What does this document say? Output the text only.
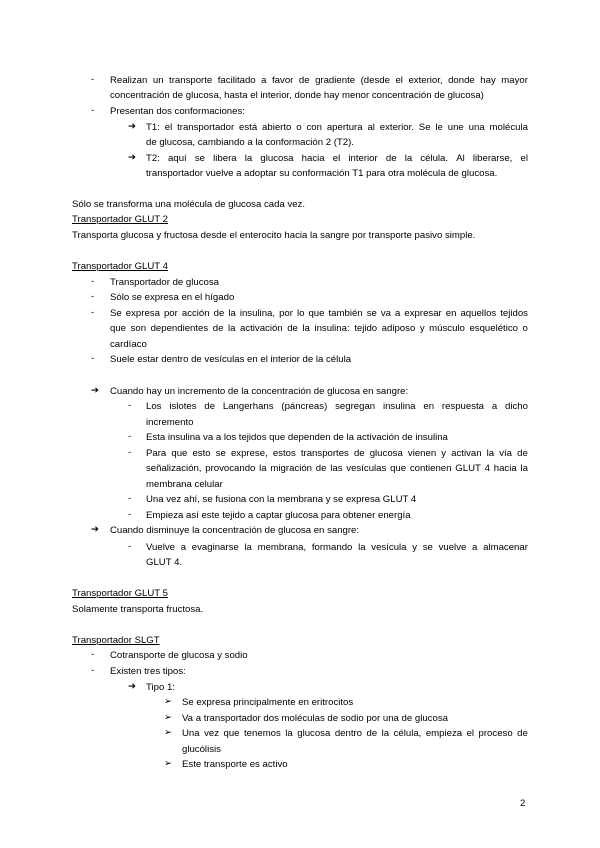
- Realizan un transporte facilitado a favor de gradiente (desde el exterior, donde hay mayor
concentración de glucosa, hasta el interior, donde hay menor concentración de glucosa)
- Presentan dos conformaciones:
➔ T1: el transportador está abierto o con apertura al exterior. Se le une una molécula
de glucosa, cambiando a la conformación 2 (T2).
➔ T2: aquí se libera la glucosa hacia el interior de la célula. Al liberarse, el
transportador vuelve a adoptar su conformación T1 para otra molécula de glucosa.
Sólo se transforma una molécula de glucosa cada vez.
Transportador GLUT 2
Transporta glucosa y fructosa desde el enterocito hacia la sangre por transporte pasivo simple.
Transportador GLUT 4
- Transportador de glucosa
- Sólo se expresa en el hígado
- Se expresa por acción de la insulina, por lo que también se va a expresar en aquellos tejidos
que son dependientes de la activación de la insulina: tejido adiposo y músculo esquelético o
cardíaco
- Suele estar dentro de vesículas en el interior de la célula
➔ Cuando hay un incremento de la concentración de glucosa en sangre:
- Los islotes de Langerhans (páncreas) segregan insulina en respuesta a dicho
incremento
- Esta insulina va a los tejidos que dependen de la activación de insulina
- Para que esto se exprese, estos transportes de glucosa vienen y activan la vía de
señalización, provocando la migración de las vesículas que contienen GLUT 4 hacia la
membrana celular
- Una vez ahí, se fusiona con la membrana y se expresa GLUT 4
- Empieza así este tejido a captar glucosa para obtener energía
➔ Cuando disminuye la concentración de glucosa en sangre:
- Vuelve a evaginarse la membrana, formando la vesícula y se vuelve a almacenar
GLUT 4.
Transportador GLUT 5
Solamente transporta fructosa.
Transportador SLGT
- Cotransporte de glucosa y sodio
- Existen tres tipos:
➔ Tipo 1:
➢ Se expresa principalmente en eritrocitos
➢ Va a transportador dos moléculas de sodio por una de glucosa
➢ Una vez que tenemos la glucosa dentro de la célula, empieza el proceso de
glucólisis
➢ Este transporte es activo
2
